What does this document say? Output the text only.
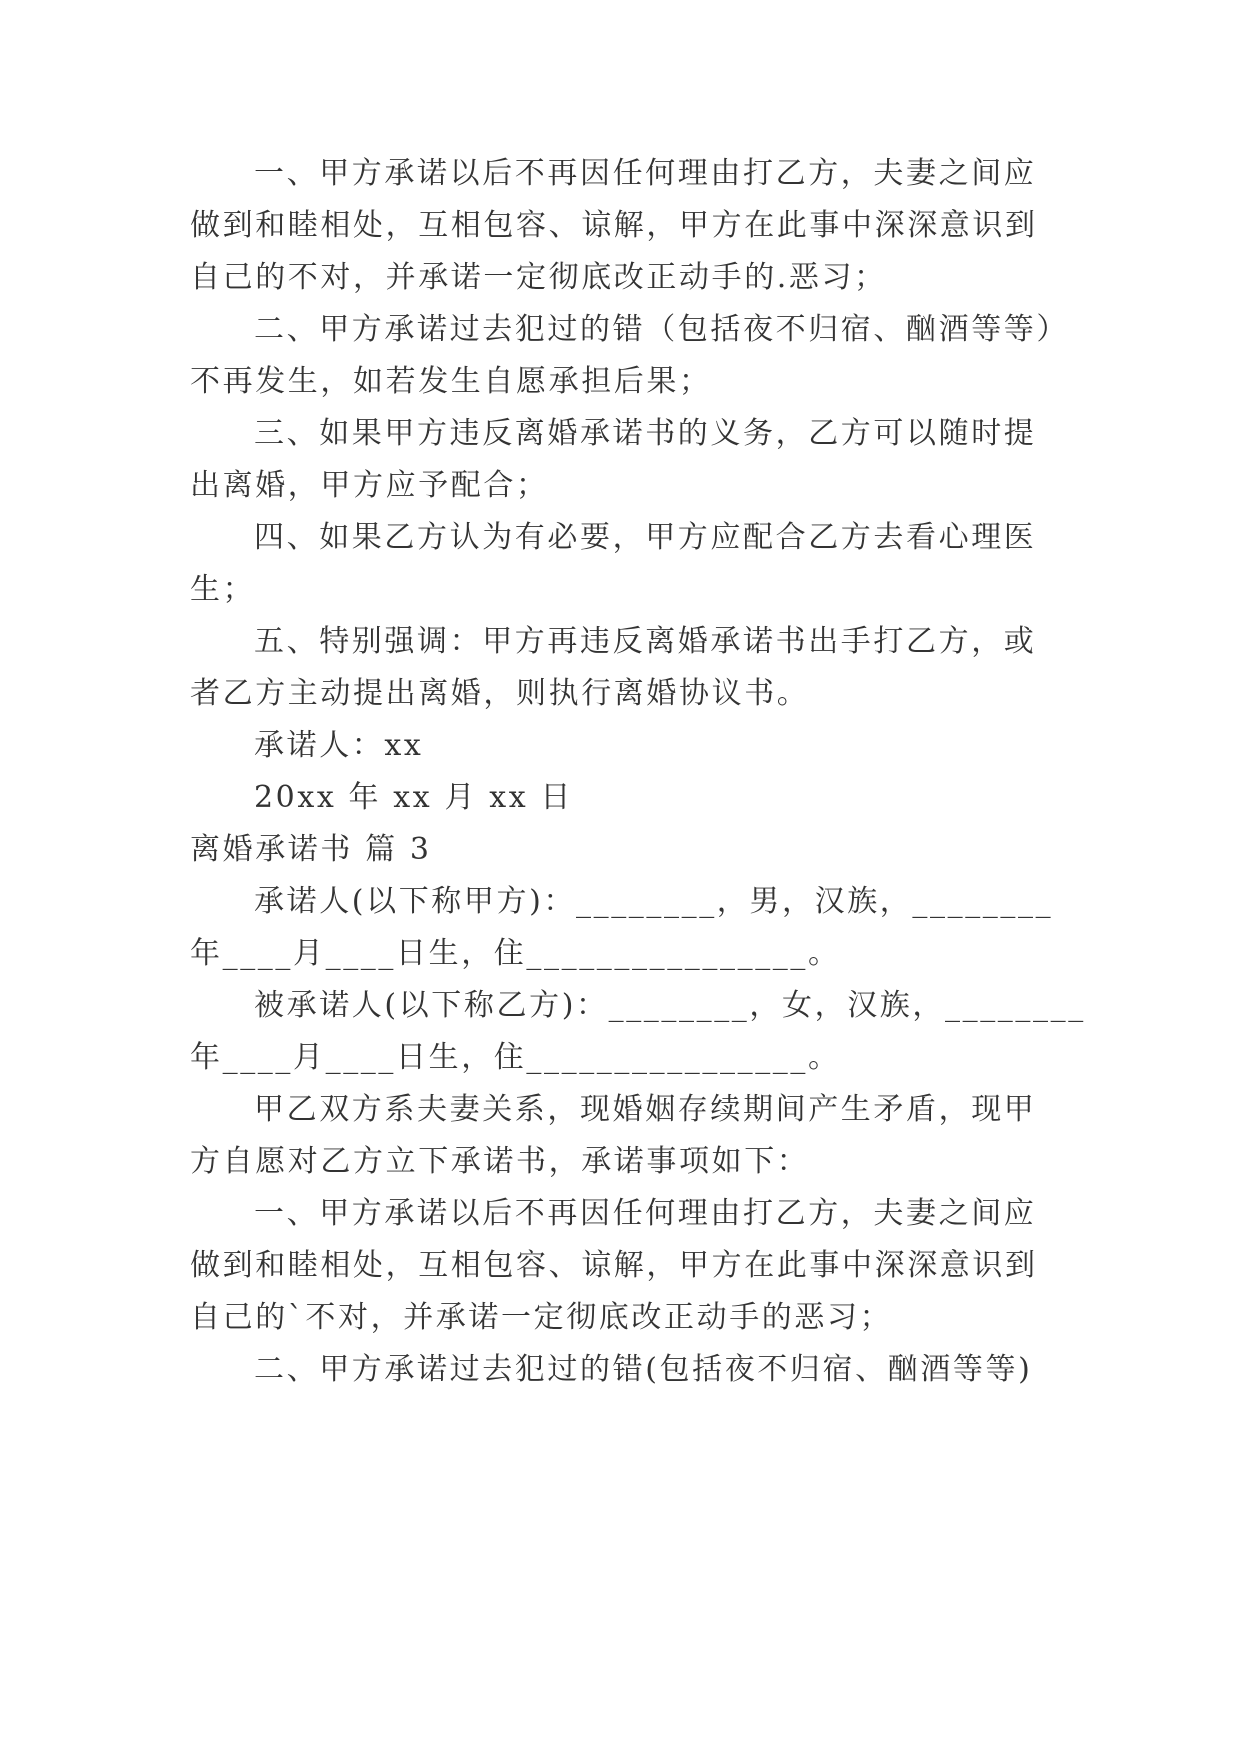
一、甲方承诺以后不再因任何理由打乙方，夫妻之间应
做到和睦相处，互相包容、谅解，甲方在此事中深深意识到
自己的不对，并承诺一定彻底改正动手的.恶习；
二、甲方承诺过去犯过的错（包括夜不归宿、酗酒等等）
不再发生，如若发生自愿承担后果；
三、如果甲方违反离婚承诺书的义务，乙方可以随时提
出离婚，甲方应予配合；
四、如果乙方认为有必要，甲方应配合乙方去看心理医
生；
五、特别强调：甲方再违反离婚承诺书出手打乙方，或
者乙方主动提出离婚，则执行离婚协议书。
承诺人：xx
20xx 年 xx 月 xx 日
离婚承诺书 篇 3
承诺人(以下称甲方)：________，男，汉族，________
年____月____日生，住________________。
被承诺人(以下称乙方)：________，女，汉族，________
年____月____日生，住________________。
甲乙双方系夫妻关系，现婚姻存续期间产生矛盾，现甲
方自愿对乙方立下承诺书，承诺事项如下：
一、甲方承诺以后不再因任何理由打乙方，夫妻之间应
做到和睦相处，互相包容、谅解，甲方在此事中深深意识到
自己的`不对，并承诺一定彻底改正动手的恶习；
二、甲方承诺过去犯过的错(包括夜不归宿、酗酒等等)
